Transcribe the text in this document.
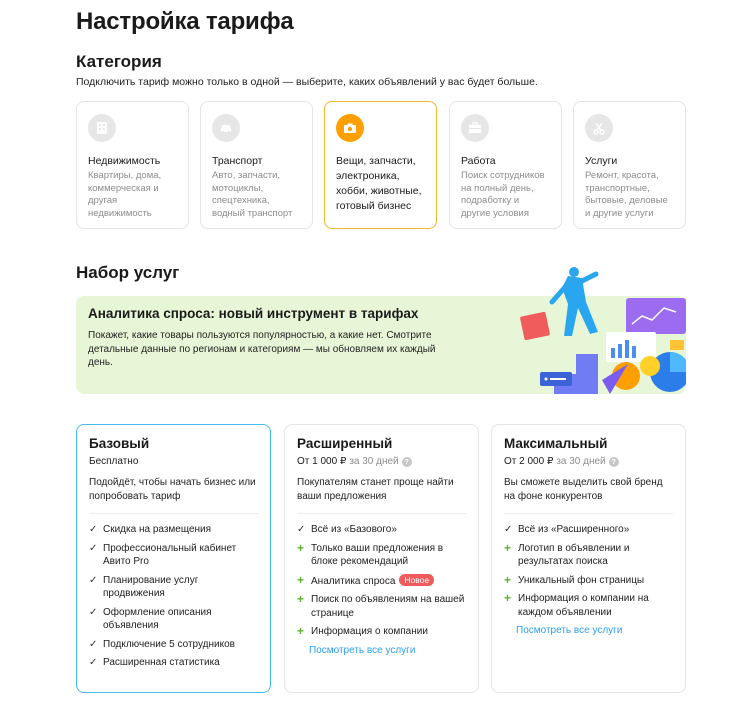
Настройка тарифа
Категория
Подключить тариф можно только в одной — выберите, каких объявлений у вас будет больше.
Недвижимость
Квартиры, дома, коммерческая и другая недвижимость
Транспорт
Авто, запчасти, мотоциклы, спецтехника, водный транспорт
Вещи, запчасти, электроника, хобби, животные, готовый бизнес
Работа
Поиск сотрудников на полный день, подработку и другие условия
Услуги
Ремонт, красота, транспортные, бытовые, деловые и другие услуги
Набор услуг
Аналитика спроса: новый инструмент в тарифах
Покажет, какие товары пользуются популярностью, а какие нет. Смотрите детальные данные по регионам и категориям — мы обновляем их каждый день.
Базовый
Бесплатно
Подойдёт, чтобы начать бизнес или попробовать тариф
✓ Скидка на размещения
✓ Профессиональный кабинет Авито Pro
✓ Планирование услуг продвижения
✓ Оформление описания объявления
✓ Подключение 5 сотрудников
✓ Расширенная статистика
Расширенный
От 1 000 ₽ за 30 дней ?
Покупателям станет проще найти ваши предложения
✓ Всё из «Базового»
+ Только ваши предложения в блоке рекомендаций
+ Аналитика спроса Новое
+ Поиск по объявлениям на вашей странице
+ Информация о компании
Посмотреть все услуги
Максимальный
От 2 000 ₽ за 30 дней ?
Вы сможете выделить свой бренд на фоне конкурентов
✓ Всё из «Расширенного»
+ Логотип в объявлении и результатах поиска
+ Уникальный фон страницы
+ Информация о компании на каждом объявлении
Посмотреть все услуги
